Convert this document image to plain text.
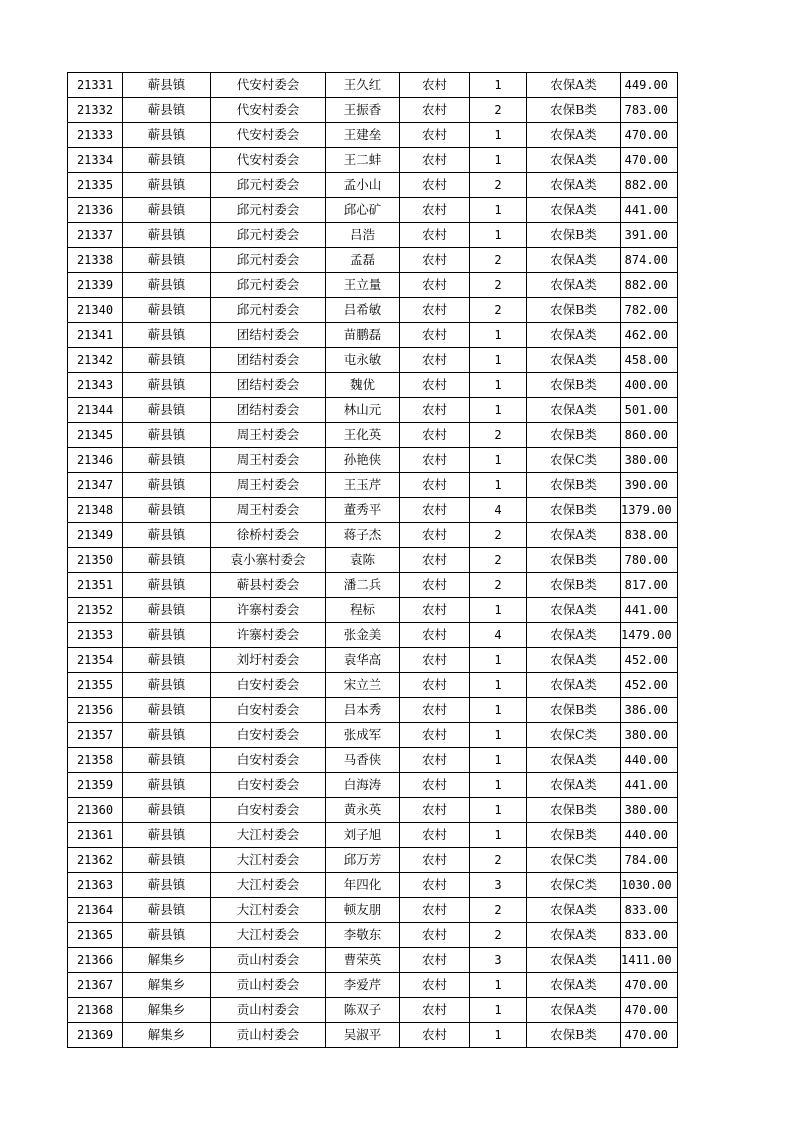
21331	蕲县镇	代安村委会	王久红	农村	1	农保A类	449.00
21332	蕲县镇	代安村委会	王振香	农村	2	农保B类	783.00
21333	蕲县镇	代安村委会	王建垒	农村	1	农保A类	470.00
21334	蕲县镇	代安村委会	王二蚌	农村	1	农保A类	470.00
21335	蕲县镇	邱元村委会	孟小山	农村	2	农保A类	882.00
21336	蕲县镇	邱元村委会	邱心矿	农村	1	农保A类	441.00
21337	蕲县镇	邱元村委会	吕浩	农村	1	农保B类	391.00
21338	蕲县镇	邱元村委会	孟磊	农村	2	农保A类	874.00
21339	蕲县镇	邱元村委会	王立量	农村	2	农保A类	882.00
21340	蕲县镇	邱元村委会	吕希敏	农村	2	农保B类	782.00
21341	蕲县镇	团结村委会	苗鹏磊	农村	1	农保A类	462.00
21342	蕲县镇	团结村委会	屯永敏	农村	1	农保A类	458.00
21343	蕲县镇	团结村委会	魏优	农村	1	农保B类	400.00
21344	蕲县镇	团结村委会	林山元	农村	1	农保A类	501.00
21345	蕲县镇	周王村委会	王化英	农村	2	农保B类	860.00
21346	蕲县镇	周王村委会	孙艳侠	农村	1	农保C类	380.00
21347	蕲县镇	周王村委会	王玉芹	农村	1	农保B类	390.00
21348	蕲县镇	周王村委会	董秀平	农村	4	农保B类	1379.00
21349	蕲县镇	徐桥村委会	蒋子杰	农村	2	农保A类	838.00
21350	蕲县镇	袁小寨村委会	袁陈	农村	2	农保B类	780.00
21351	蕲县镇	蕲县村委会	潘二兵	农村	2	农保B类	817.00
21352	蕲县镇	许寨村委会	程标	农村	1	农保A类	441.00
21353	蕲县镇	许寨村委会	张金美	农村	4	农保A类	1479.00
21354	蕲县镇	刘圩村委会	袁华高	农村	1	农保A类	452.00
21355	蕲县镇	白安村委会	宋立兰	农村	1	农保A类	452.00
21356	蕲县镇	白安村委会	吕本秀	农村	1	农保B类	386.00
21357	蕲县镇	白安村委会	张成军	农村	1	农保C类	380.00
21358	蕲县镇	白安村委会	马香侠	农村	1	农保A类	440.00
21359	蕲县镇	白安村委会	白海涛	农村	1	农保A类	441.00
21360	蕲县镇	白安村委会	黄永英	农村	1	农保B类	380.00
21361	蕲县镇	大江村委会	刘子旭	农村	1	农保B类	440.00
21362	蕲县镇	大江村委会	邱万芳	农村	2	农保C类	784.00
21363	蕲县镇	大江村委会	年四化	农村	3	农保C类	1030.00
21364	蕲县镇	大江村委会	顿友朋	农村	2	农保A类	833.00
21365	蕲县镇	大江村委会	李敬东	农村	2	农保A类	833.00
21366	解集乡	贡山村委会	曹荣英	农村	3	农保A类	1411.00
21367	解集乡	贡山村委会	李爱芹	农村	1	农保A类	470.00
21368	解集乡	贡山村委会	陈双子	农村	1	农保A类	470.00
21369	解集乡	贡山村委会	吴淑平	农村	1	农保B类	470.00
